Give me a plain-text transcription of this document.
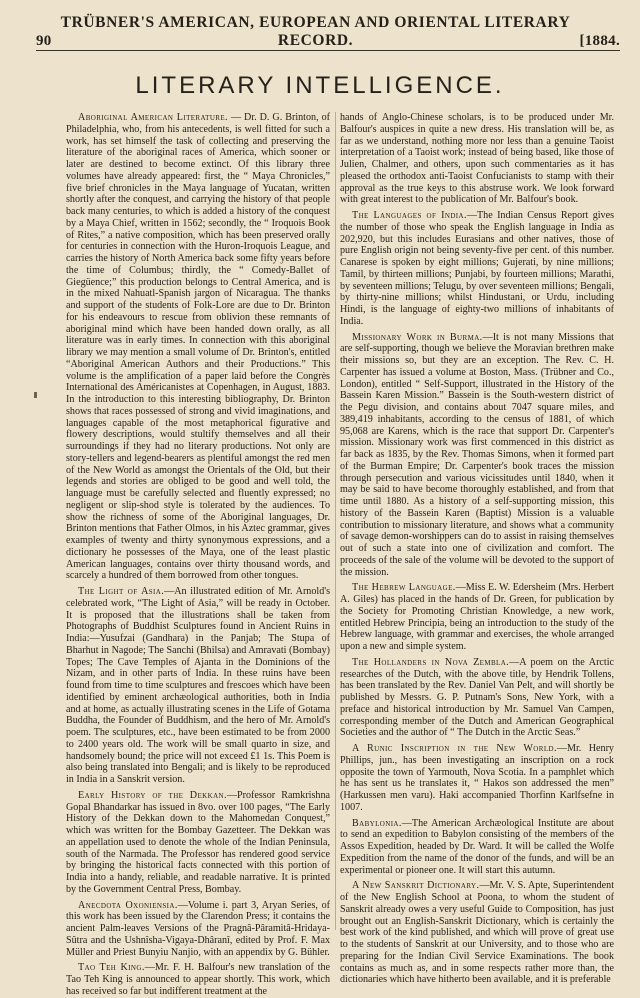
90
TRÜBNER'S AMERICAN, EUROPEAN AND ORIENTAL LITERARY RECORD.	[1884.
LITERARY INTELLIGENCE.

Aboriginal American Literature. — Dr. D. G. Brinton, of Philadelphia, who, from his antecedents, is well fitted for such a work, has set himself the task of collecting and preserving the literature of the aboriginal races of America, which sooner or later are destined to become extinct. Of this library three volumes have already appeared: first, the “ Maya Chronicles,” five brief chronicles in the Maya language of Yucatan, written shortly after the conquest, and carrying the history of that people back many centuries, to which is added a history of the conquest by a Maya Chief, written in 1562; secondly, the “ Iroquois Book of Rites,” a native composition, which has been preserved orally for centuries in connection with the Huron-Iroquois League, and carries the history of North America back some fifty years before the time of Columbus; thirdly, the “ Comedy-Ballet of Giegüence;” this production belongs to Central America, and is in the mixed Nahuatl-Spanish jargon of Nicaragua. The thanks and support of the students of Folk-Lore are due to Dr. Brinton for his endeavours to rescue from oblivion these remnants of aboriginal mind which have been handed down orally, as all literature was in early times. In connection with this aboriginal library we may mention a small volume of Dr. Brinton's, entitled “Aboriginal American Authors and their Productions.” This volume is the amplification of a paper laid before the Congrès International des Américanistes at Copenhagen, in August, 1883. In the introduction to this interesting bibliography, Dr. Brinton shows that races possessed of strong and vivid imaginations, and languages capable of the most metaphorical figurative and flowery descriptions, would stultify themselves and all their surroundings if they had no literary productions. Not only are story-tellers and legend-bearers as plentiful amongst the red men of the New World as amongst the Orientals of the Old, but their legends and stories are obliged to be good and well told, the language must be carefully selected and fluently expressed; no negligent or slip-shod style is tolerated by the audiences. To show the richness of some of the Aboriginal languages, Dr. Brinton mentions that Father Olmos, in his Aztec grammar, gives examples of twenty and thirty synonymous expressions, and a dictionary he possesses of the Maya, one of the least plastic American languages, contains over thirty thousand words, and scarcely a hundred of them borrowed from other tongues.

The Light of Asia.—An illustrated edition of Mr. Arnold's celebrated work, “The Light of Asia,” will be ready in October. It is proposed that the illustrations shall be taken from Photographs of Buddhist Sculptures found in Ancient Ruins in India:—Yusufzai (Gandhara) in the Panjab; The Stupa of Bharhut in Nagode; The Sanchi (Bhilsa) and Amravati (Bombay) Topes; The Cave Temples of Ajanta in the Dominions of the Nizam, and in other parts of India. In these ruins have been found from time to time sculptures and frescoes which have been identified by eminent archæological authorities, both in India and at home, as actually illustrating scenes in the Life of Gotama Buddha, the Founder of Buddhism, and the hero of Mr. Arnold's poem. The sculptures, etc., have been estimated to be from 2000 to 2400 years old. The work will be small quarto in size, and handsomely bound; the price will not exceed £1 1s. This Poem is also being translated into Bengali; and is likely to be reproduced in India in a Sanskrit version.

Early History of the Dekkan.—Professor Ramkrishna Gopal Bhandarkar has issued in 8vo. over 100 pages, “The Early History of the Dekkan down to the Mahomedan Conquest,” which was written for the Bombay Gazetteer. The Dekkan was an appellation used to denote the whole of the Indian Peninsula, south of the Narmada. The Professor has rendered good service by bringing the historical facts connected with this portion of India into a handy, reliable, and readable narrative. It is printed by the Government Central Press, Bombay.

Anecdota Oxoniensia.—Volume i. part 3, Aryan Series, of this work has been issued by the Clarendon Press; it contains the ancient Palm-leaves Versions of the Pragnâ-Pâramitâ-Hridaya-Sûtra and the Ushnîsha-Vigaya-Dhâranî, edited by Prof. F. Max Müller and Priest Bunyiu Nanjio, with an appendix by G. Bühler.

Tao Teh King.—Mr. F. H. Balfour's new translation of the Tao Teh King is announced to appear shortly. This work, which has received so far but indifferent treatment at the

hands of Anglo-Chinese scholars, is to be produced under Mr. Balfour's auspices in quite a new dress. His translation will be, as far as we understand, nothing more nor less than a genuine Taoist interpretation of a Taoist work; instead of being based, like those of Julien, Chalmer, and others, upon such commentaries as it has pleased the orthodox anti-Taoist Confucianists to stamp with their approval as the true keys to this abstruse work. We look forward with great interest to the publication of Mr. Balfour's book.

The Languages of India.—The Indian Census Report gives the number of those who speak the English language in India as 202,920, but this includes Eurasians and other natives, those of pure English origin not being seventy-five per cent. of this number. Canarese is spoken by eight millions; Gujerati, by nine millions; Tamil, by thirteen millions; Punjabi, by fourteen millions; Marathi, by seventeen millions; Telugu, by over seventeen millions; Bengali, by thirty-nine millions; whilst Hindustani, or Urdu, including Hindi, is the language of eighty-two millions of inhabitants of India.

Missionary Work in Burma.—It is not many Missions that are self-supporting, though we believe the Moravian brethren make their missions so, but they are an exception. The Rev. C. H. Carpenter has issued a volume at Boston, Mass. (Trübner and Co., London), entitled “ Self-Support, illustrated in the History of the Bassein Karen Mission.” Bassein is the South-western district of the Pegu division, and contains about 7047 square miles, and 389,419 inhabitants, according to the census of 1881, of which 95,068 are Karens, which is the race that support Dr. Carpenter's mission. Missionary work was first commenced in this district as far back as 1835, by the Rev. Thomas Simons, when it formed part of the Burman Empire; Dr. Carpenter's book traces the mission through persecution and various vicissitudes until 1840, when it may be said to have become thoroughly established, and from that time until 1880. As a history of a self-supporting mission, this history of the Bassein Karen (Baptist) Mission is a valuable contribution to missionary literature, and shows what a community of savage demon-worshippers can do to assist in raising themselves out of such a state into one of civilization and comfort. The proceeds of the sale of the volume will be devoted to the support of the mission.

The Hebrew Language.—Miss E. W. Edersheim (Mrs. Herbert A. Giles) has placed in the hands of Dr. Green, for publication by the Society for Promoting Christian Knowledge, a new work, entitled Hebrew Principia, being an introduction to the study of the Hebrew language, with grammar and exercises, the whole arranged upon a new and simple system.

The Hollanders in Nova Zembla.—A poem on the Arctic researches of the Dutch, with the above title, by Hendrik Tollens, has been translated by the Rev. Daniel Van Pelt, and will shortly be published by Messrs. G. P. Putnam's Sons, New York, with a preface and historical introduction by Mr. Samuel Van Campen, corresponding member of the Dutch and American Geographical Societies and the author of “ The Dutch in the Arctic Seas.”

A Runic Inscription in the New World.—Mr. Henry Phillips, jun., has been investigating an inscription on a rock opposite the town of Yarmouth, Nova Scotia. In a pamphlet which he has sent us he translates it, “ Hakos son addressed the men” (Harkussen men varu). Haki accompanied Thorfinn Karlfsefne in 1007.

Babylonia.—The American Archæological Institute are about to send an expedition to Babylon consisting of the members of the Assos Expedition, headed by Dr. Ward. It will be called the Wolfe Expedition from the name of the donor of the funds, and will be an experimental or pioneer one. It will start this autumn.

A New Sanskrit Dictionary.—Mr. V. S. Apte, Superintendent of the New English School at Poona, to whom the student of Sanskrit already owes a very useful Guide to Composition, has just brought out an English-Sanskrit Dictionary, which is certainly the best work of the kind published, and which will prove of great use to the students of Sanskrit at our University, and to those who are preparing for the Indian Civil Service Examinations. The book contains as much as, and in some respects rather more than, the dictionaries which have hitherto been available, and it is preferable
